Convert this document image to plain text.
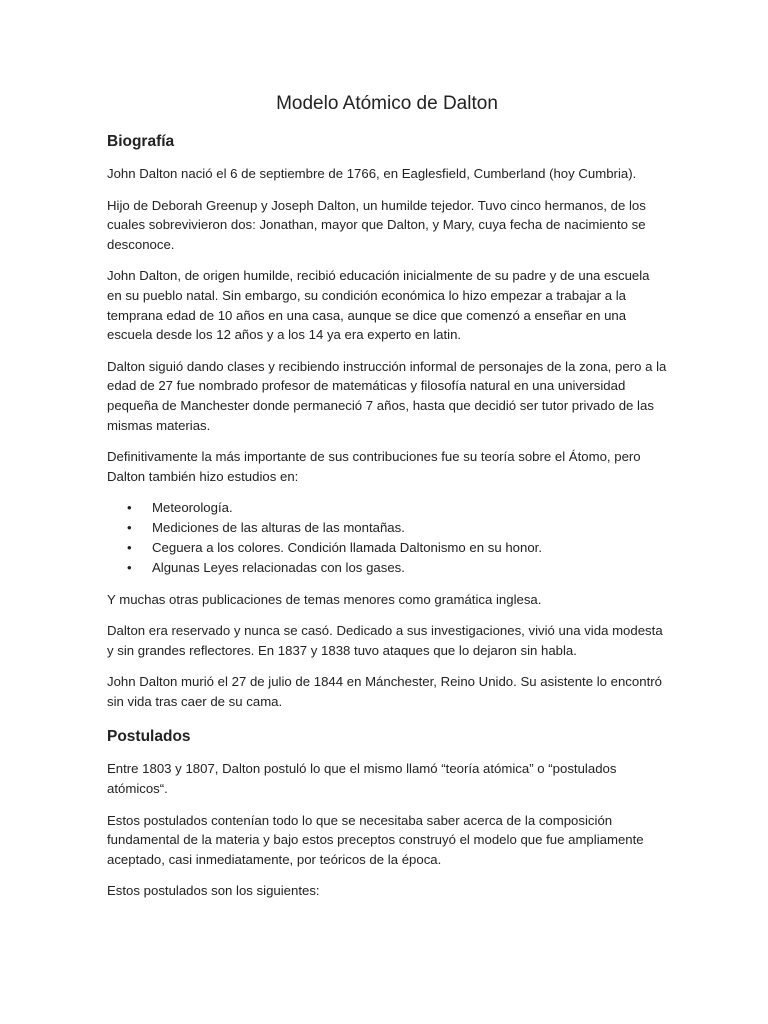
Modelo Atómico de Dalton
Biografía

John Dalton nació el 6 de septiembre de 1766, en Eaglesfield, Cumberland (hoy Cumbria).

Hijo de Deborah Greenup y Joseph Dalton, un humilde tejedor. Tuvo cinco hermanos, de los cuales sobrevivieron dos: Jonathan, mayor que Dalton, y Mary, cuya fecha de nacimiento se desconoce.

John Dalton, de origen humilde, recibió educación inicialmente de su padre y de una escuela en su pueblo natal. Sin embargo, su condición económica lo hizo empezar a trabajar a la temprana edad de 10 años en una casa, aunque se dice que comenzó a enseñar en una escuela desde los 12 años y a los 14 ya era experto en latin.

Dalton siguió dando clases y recibiendo instrucción informal de personajes de la zona, pero a la edad de 27 fue nombrado profesor de matemáticas y filosofía natural en una universidad pequeña de Manchester donde permaneció 7 años, hasta que decidió ser tutor privado de las mismas materias.

Definitivamente la más importante de sus contribuciones fue su teoría sobre el Átomo, pero Dalton también hizo estudios en:

• Meteorología.
• Mediciones de las alturas de las montañas.
• Ceguera a los colores. Condición llamada Daltonismo en su honor.
• Algunas Leyes relacionadas con los gases.

Y muchas otras publicaciones de temas menores como gramática inglesa.

Dalton era reservado y nunca se casó. Dedicado a sus investigaciones, vivió una vida modesta y sin grandes reflectores. En 1837 y 1838 tuvo ataques que lo dejaron sin habla.

John Dalton murió el 27 de julio de 1844 en Mánchester, Reino Unido. Su asistente lo encontró sin vida tras caer de su cama.

Postulados

Entre 1803 y 1807, Dalton postuló lo que el mismo llamó “teoría atómica” o “postulados atómicos“.

Estos postulados contenían todo lo que se necesitaba saber acerca de la composición fundamental de la materia y bajo estos preceptos construyó el modelo que fue ampliamente aceptado, casi inmediatamente, por teóricos de la época.

Estos postulados son los siguientes:
